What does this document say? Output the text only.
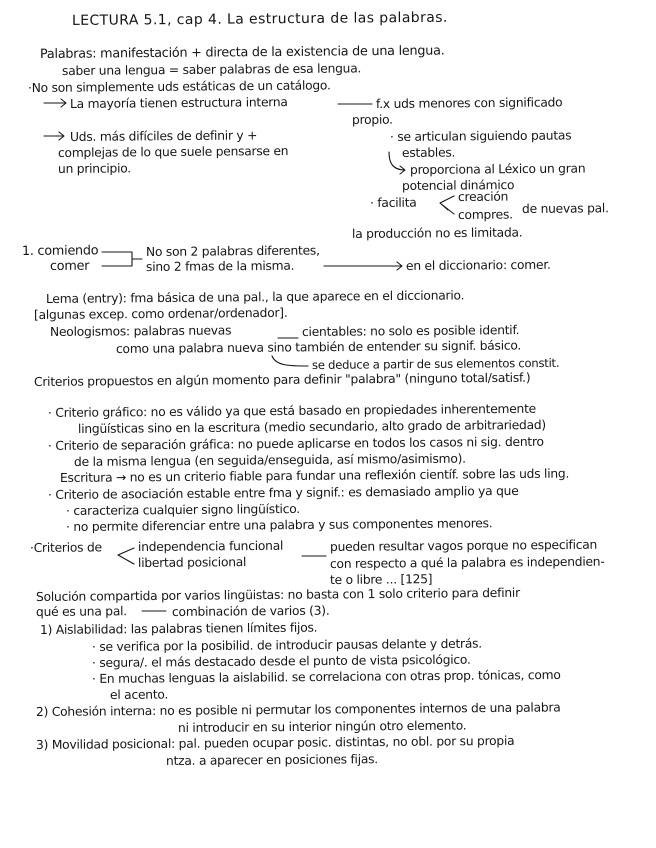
LECTURA 5.1, cap 4. La estructura de las palabras.
Palabras: manifestación + directa de la existencia de una lengua.
saber una lengua = saber palabras de esa lengua.
·No son simplemente uds estáticas de un catálogo.
La mayoría tienen estructura interna	f.x uds menores con significado
propio.
Uds. más difíciles de definir y +
complejas de lo que suele pensarse en
un principio.
· se articulan siguiendo pautas
estables.
proporciona al Léxico un gran
potencial dinámico
· facilita	creación
compres. de nuevas pal.
la producción no es limitada.
1. comiendo
comer
No son 2 palabras diferentes,
sino 2 fmas de la misma.	en el diccionario: comer.
Lema (entry): fma básica de una pal., la que aparece en el diccionario.
[algunas excep. como ordenar/ordenador].
Neologismos: palabras nuevas	cientables: no solo es posible identif.
como una palabra nueva sino también de entender su signif. básico.
se deduce a partir de sus elementos constit.
Criterios propuestos en algún momento para definir "palabra" (ninguno total/satisf.)
· Criterio gráfico: no es válido ya que está basado en propiedades inherentemente
lingüísticas sino en la escritura (medio secundario, alto grado de arbitrariedad)
· Criterio de separación gráfica: no puede aplicarse en todos los casos ni sig. dentro
de la misma lengua (en seguida/enseguida, así mismo/asimismo).
Escritura → no es un criterio fiable para fundar una reflexión científ. sobre las uds ling.
· Criterio de asociación estable entre fma y signif.: es demasiado amplio ya que
· caracteriza cualquier signo lingüístico.
· no permite diferenciar entre una palabra y sus componentes menores.
·Criterios de	independencia funcional
libertad posicional
pueden resultar vagos porque no especifican
con respecto a qué la palabra es independien-
te o libre ... [125]
Solución compartida por varios lingüistas: no basta con 1 solo criterio para definir
qué es una pal.	combinación de varios (3).
1) Aislabilidad: las palabras tienen límites fijos.
· se verifica por la posibilid. de introducir pausas delante y detrás.
· segura/. el más destacado desde el punto de vista psicológico.
· En muchas lenguas la aislabilid. se correlaciona con otras prop. tónicas, como
el acento.
2) Cohesión interna: no es posible ni permutar los componentes internos de una palabra
ni introducir en su interior ningún otro elemento.
3) Movilidad posicional: pal. pueden ocupar posic. distintas, no obl. por su propia
ntza. a aparecer en posiciones fijas.
